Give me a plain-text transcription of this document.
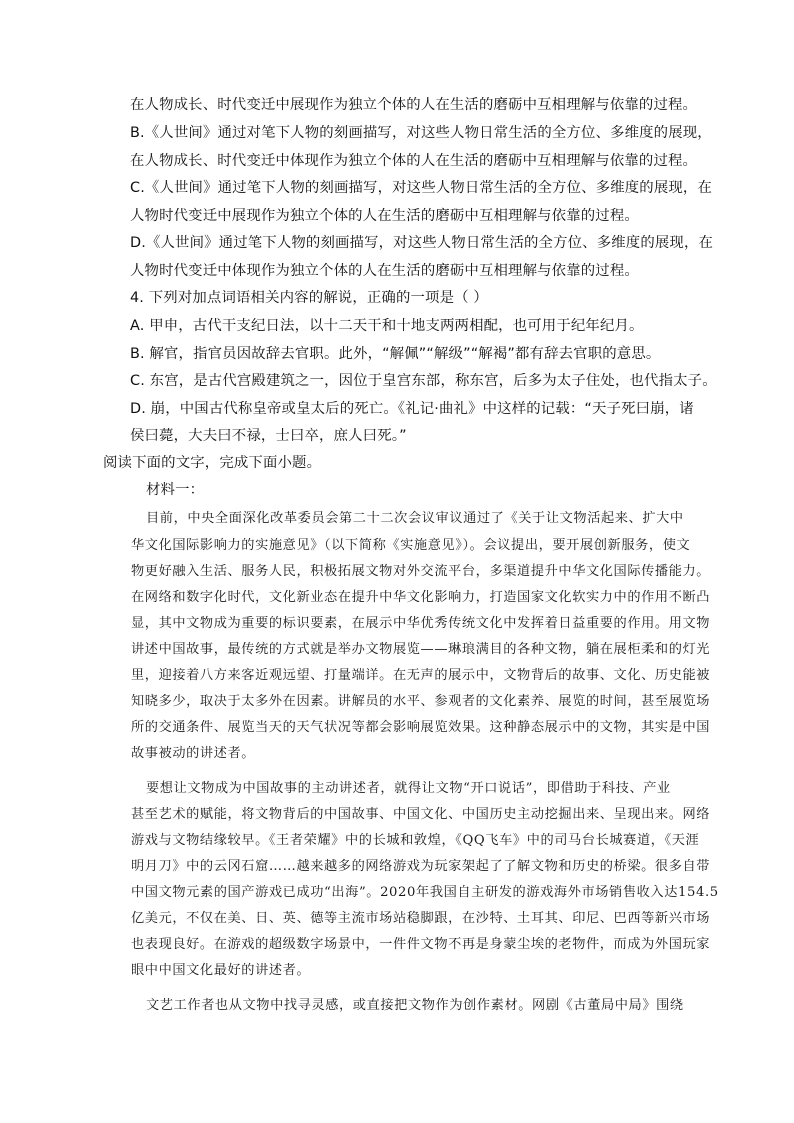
在人物成长、时代变迁中展现作为独立个体的人在生活的磨砺中互相理解与依靠的过程。
B.《人世间》通过对笔下人物的刻画描写，对这些人物日常生活的全方位、多维度的展现，
在人物成长、时代变迁中体现作为独立个体的人在生活的磨砺中互相理解与依靠的过程。
C.《人世间》通过笔下人物的刻画描写，对这些人物日常生活的全方位、多维度的展现，在
人物时代变迁中展现作为独立个体的人在生活的磨砺中互相理解与依靠的过程。
D.《人世间》通过笔下人物的刻画描写，对这些人物日常生活的全方位、多维度的展现，在
人物时代变迁中体现作为独立个体的人在生活的磨砺中互相理解与依靠的过程。
4. 下列对加点词语相关内容的解说，正确的一项是（ ）
A. 甲申，古代干支纪日法，以十二天干和十地支两两相配，也可用于纪年纪月。
B. 解官，指官员因故辞去官职。此外，“解佩”“解级”“解褐”都有辞去官职的意思。
C. 东宫，是古代宫殿建筑之一，因位于皇宫东部，称东宫，后多为太子住处，也代指太子。
D. 崩，中国古代称皇帝或皇太后的死亡。《礼记·曲礼》中这样的记载：“天子死曰崩，诸
侯曰薨，大夫曰不禄，士曰卒，庶人曰死。”
阅读下面的文字，完成下面小题。
材料一：
目前，中央全面深化改革委员会第二十二次会议审议通过了《关于让文物活起来、扩大中
华文化国际影响力的实施意见》（以下简称《实施意见》）。会议提出，要开展创新服务，使文
物更好融入生活、服务人民，积极拓展文物对外交流平台，多渠道提升中华文化国际传播能力。
在网络和数字化时代，文化新业态在提升中华文化影响力，打造国家文化软实力中的作用不断凸
显，其中文物成为重要的标识要素，在展示中华优秀传统文化中发挥着日益重要的作用。用文物
讲述中国故事，最传统的方式就是举办文物展览——琳琅满目的各种文物，躺在展柜柔和的灯光
里，迎接着八方来客近观远望、打量端详。在无声的展示中，文物背后的故事、文化、历史能被
知晓多少，取决于太多外在因素。讲解员的水平、参观者的文化素养、展览的时间，甚至展览场
所的交通条件、展览当天的天气状况等都会影响展览效果。这种静态展示中的文物，其实是中国
故事被动的讲述者。
要想让文物成为中国故事的主动讲述者，就得让文物“开口说话”，即借助于科技、产业
甚至艺术的赋能，将文物背后的中国故事、中国文化、中国历史主动挖掘出来、呈现出来。网络
游戏与文物结缘较早。《王者荣耀》中的长城和敦煌，《QQ飞车》中的司马台长城赛道，《天涯
明月刀》中的云冈石窟……越来越多的网络游戏为玩家架起了了解文物和历史的桥梁。很多自带
中国文物元素的国产游戏已成功“出海”。2020年我国自主研发的游戏海外市场销售收入达154.5
亿美元，不仅在美、日、英、德等主流市场站稳脚跟，在沙特、土耳其、印尼、巴西等新兴市场
也表现良好。在游戏的超级数字场景中，一件件文物不再是身蒙尘埃的老物件，而成为外国玩家
眼中中国文化最好的讲述者。
文艺工作者也从文物中找寻灵感，或直接把文物作为创作素材。网剧《古董局中局》围绕
